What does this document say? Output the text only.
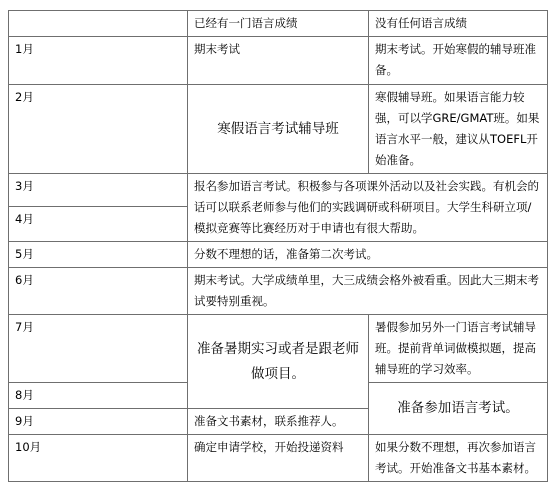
	已经有一门语言成绩	没有任何语言成绩
1月	期末考试	期末考试。开始寒假的辅导班准备。
2月	寒假语言考试辅导班	寒假辅导班。如果语言能力较强，可以学GRE/GMAT班。如果语言水平一般，建议从TOEFL开始准备。
3月	报名参加语言考试。积极参与各项课外活动以及社会实践。有机会的话可以联系老师参与他们的实践调研或科研项目。大学生科研立项/模拟竞赛等比赛经历对于申请也有很大帮助。	
4月		
5月	分数不理想的话，准备第二次考试。	
6月	期末考试。大学成绩单里，大三成绩会格外被看重。因此大三期末考试要特别重视。	
7月	准备暑期实习或者是跟老师做项目。	暑假参加另外一门语言考试辅导班。提前背单词做模拟题，提高辅导班的学习效率。
8月		准备参加语言考试。
9月	准备文书素材，联系推荐人。	
10月	确定申请学校，开始投递资料	如果分数不理想，再次参加语言考试。开始准备文书基本素材。
